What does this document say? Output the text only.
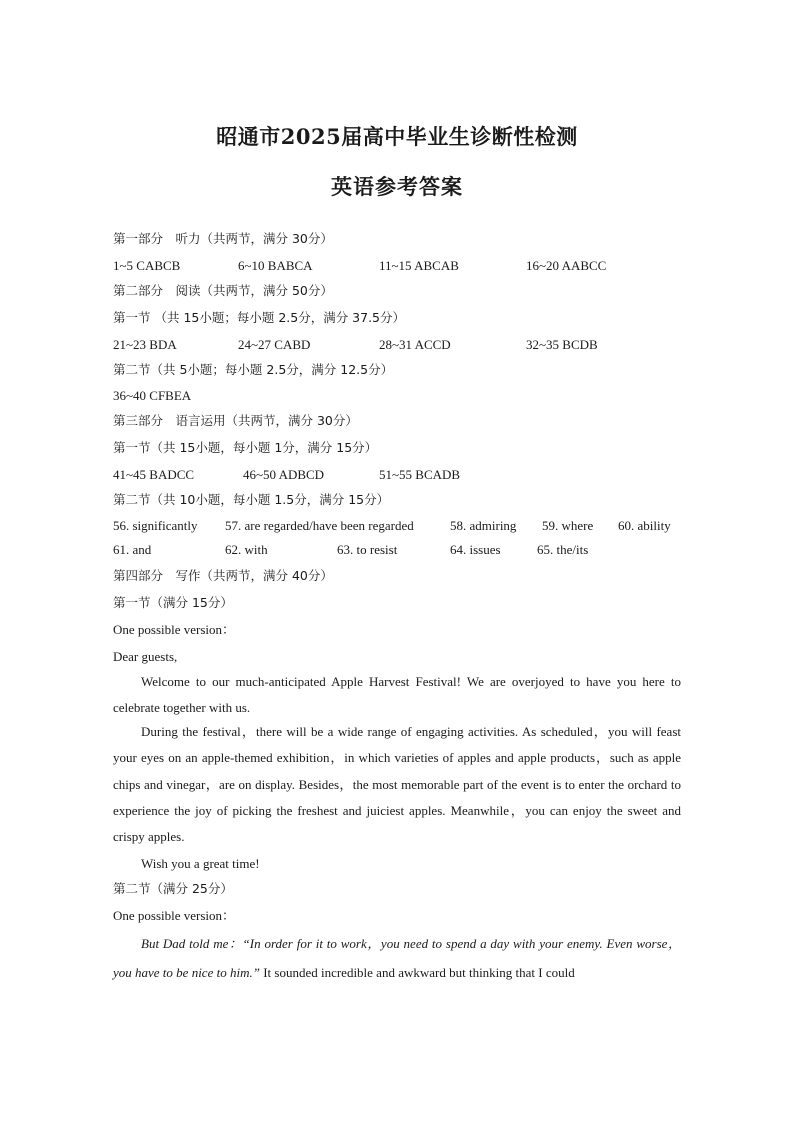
昭通市2025届高中毕业生诊断性检测
英语参考答案
第一部分　听力（共两节，满分 30分）
1~5 CABCB	6~10 BABCA	11~15 ABCAB	16~20 AABCC
第二部分　阅读（共两节，满分 50分）
第一节 （共 15小题；每小题 2.5分，满分 37.5分）
21~23 BDA	24~27 CABD	28~31 ACCD	32~35 BCDB
第二节（共 5小题；每小题 2.5分，满分 12.5分）
36~40 CFBEA
第三部分　语言运用（共两节，满分 30分）
第一节（共 15小题，每小题 1分，满分 15分）
41~45 BADCC	46~50 ADBCD	51~55 BCADB
第二节（共 10小题，每小题 1.5分，满分 15分）
56. significantly 57. are regarded/have been regarded	58. admiring 59. where 60. ability
61. and	62. with	63. to resist	64. issues	65. the/its
第四部分　写作（共两节，满分 40分）
第一节（满分 15分）
One possible version：
Dear guests,

Welcome to our much-anticipated Apple Harvest Festival! We are overjoyed to have you here to celebrate together with us.

During the festival，there will be a wide range of engaging activities. As scheduled，you will feast your eyes on an apple-themed exhibition，in which varieties of apples and apple products，such as apple chips and vinegar，are on display. Besides，the most memorable part of the event is to enter the orchard to experience the joy of picking the freshest and juiciest apples. Meanwhile，you can enjoy the sweet and crispy apples.

Wish you a great time!

第二节（满分 25分）
One possible version：

But Dad told me：“In order for it to work，you need to spend a day with your enemy. Even worse，you have to be nice to him.” It sounded incredible and awkward but thinking that I could
